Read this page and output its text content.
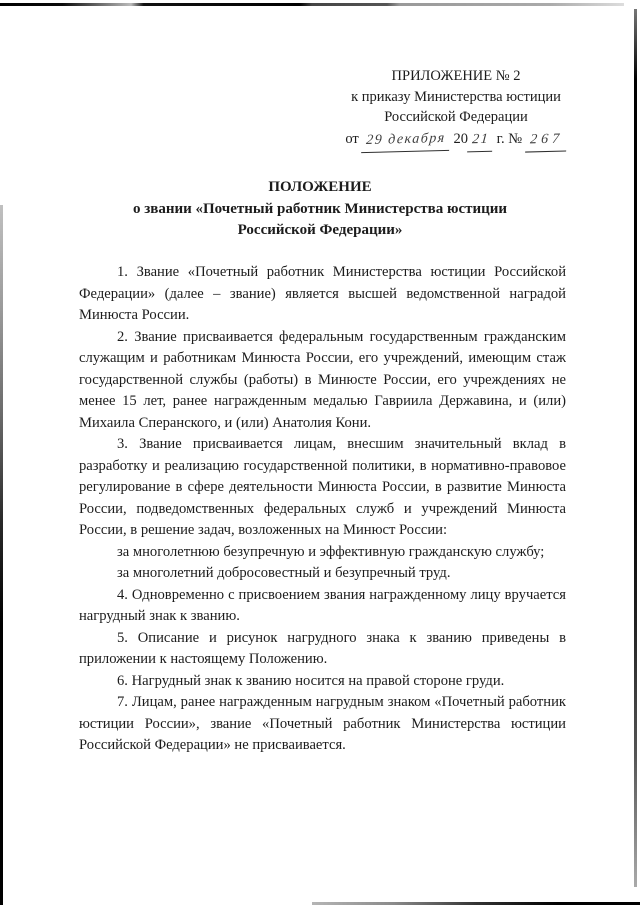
ПРИЛОЖЕНИЕ № 2
к приказу Министерства юстиции
Российской Федерации
от 29 декабря 20 21 г. № 267
ПОЛОЖЕНИЕ
о звании «Почетный работник Министерства юстиции Российской Федерации»

1. Звание «Почетный работник Министерства юстиции Российской Федерации» (далее – звание) является высшей ведомственной наградой Минюста России.

2. Звание присваивается федеральным государственным гражданским служащим и работникам Минюста России, его учреждений, имеющим стаж государственной службы (работы) в Минюсте России, его учреждениях не менее 15 лет, ранее награжденным медалью Гавриила Державина, и (или) Михаила Сперанского, и (или) Анатолия Кони.

3. Звание присваивается лицам, внесшим значительный вклад в разработку и реализацию государственной политики, в нормативно-правовое регулирование в сфере деятельности Минюста России, в развитие Минюста России, подведомственных федеральных служб и учреждений Минюста России, в решение задач, возложенных на Минюст России:

за многолетнюю безупречную и эффективную гражданскую службу;

за многолетний добросовестный и безупречный труд.

4. Одновременно с присвоением звания награжденному лицу вручается нагрудный знак к званию.

5. Описание и рисунок нагрудного знака к званию приведены в приложении к настоящему Положению.

6. Нагрудный знак к званию носится на правой стороне груди.

7. Лицам, ранее награжденным нагрудным знаком «Почетный работник юстиции России», звание «Почетный работник Министерства юстиции Российской Федерации» не присваивается.
